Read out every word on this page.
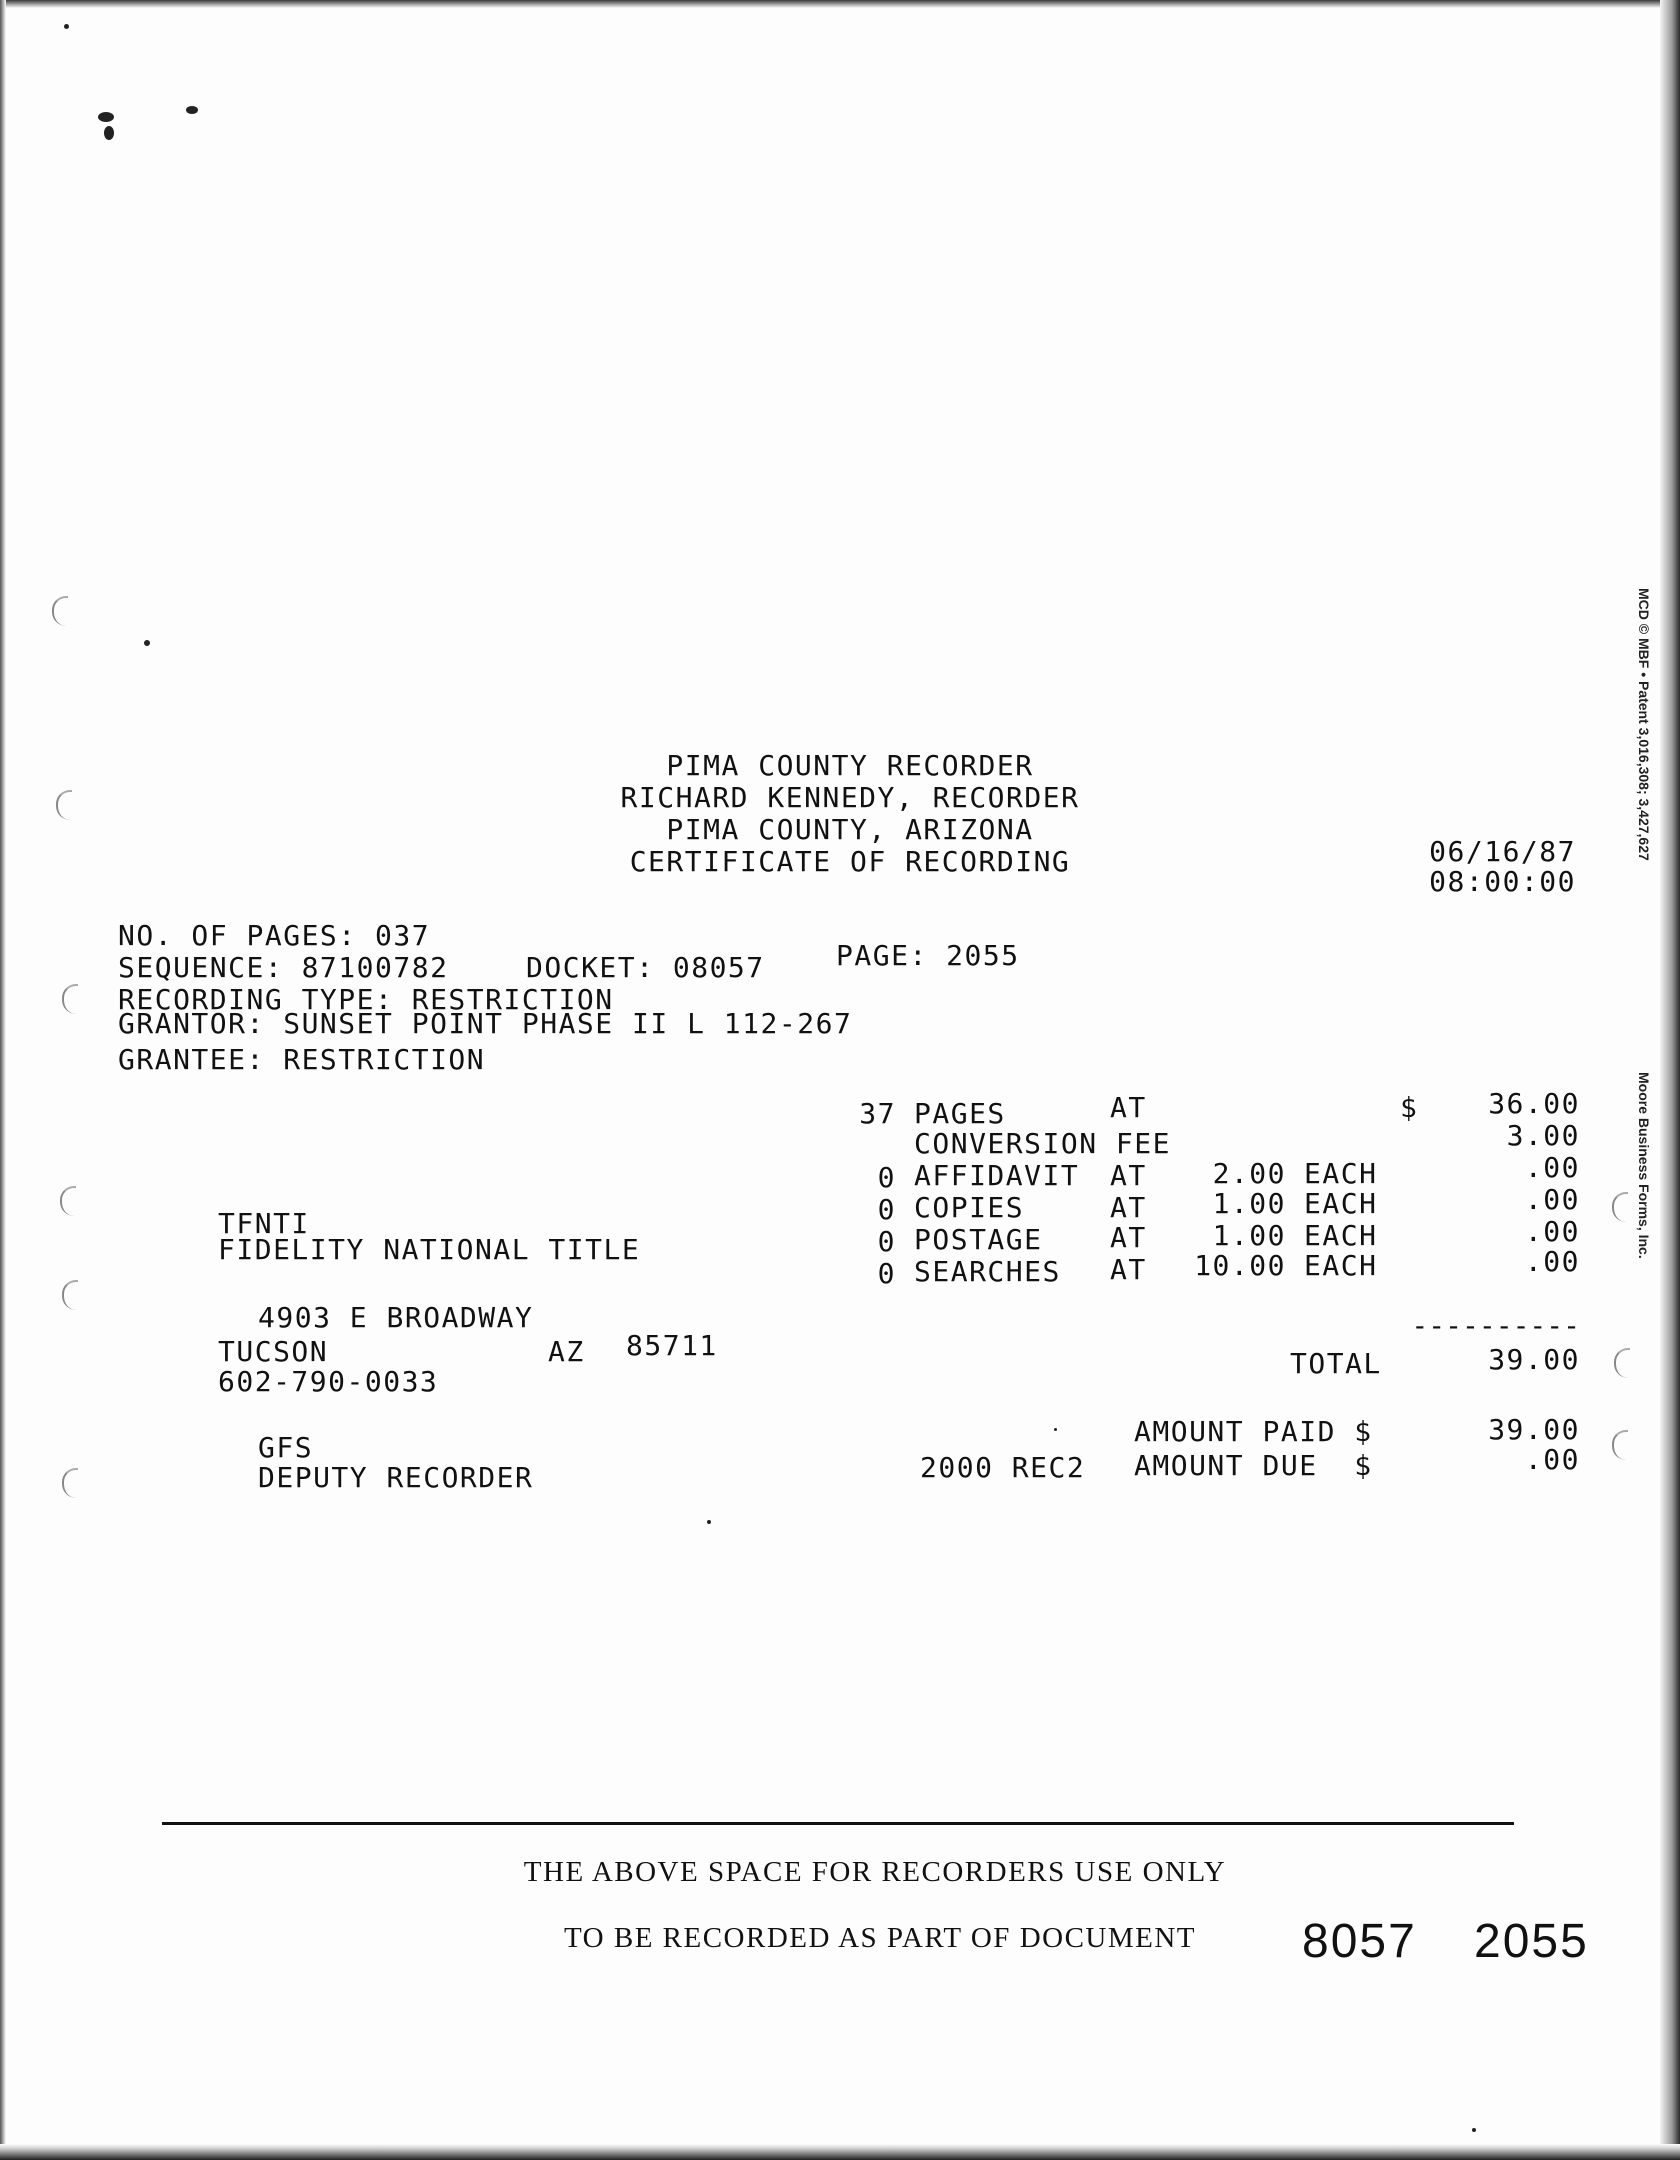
MCD © MBF • Patent 3,016,308; 3,427,627
Moore Business Forms, Inc.
PIMA COUNTY RECORDER
RICHARD KENNEDY, RECORDER
PIMA COUNTY, ARIZONA
CERTIFICATE OF RECORDING	06/16/87
08:00:00
NO. OF PAGES: 037
SEQUENCE: 87100782	DOCKET: 08057	PAGE: 2055
RECORDING TYPE: RESTRICTION
GRANTOR: SUNSET POINT PHASE II L 112-267
GRANTEE: RESTRICTION
TFNTI
FIDELITY NATIONAL TITLE
4903 E BROADWAY
TUCSON	AZ 85711
602-790-0033
GFS
DEPUTY RECORDER
37 PAGES	AT	$	36.00
CONVERSION FEE	3.00
0 AFFIDAVIT AT	2.00 EACH	.00
0 COPIES	AT	1.00 EACH	.00
0 POSTAGE AT	1.00 EACH	.00
0 SEARCHES AT	10.00 EACH	.00
----------
TOTAL	39.00
AMOUNT PAID $	39.00
2000 REC2 AMOUNT DUE  $	.00
THE ABOVE SPACE FOR RECORDERS USE ONLY
TO BE RECORDED AS PART OF DOCUMENT	8057 2055
